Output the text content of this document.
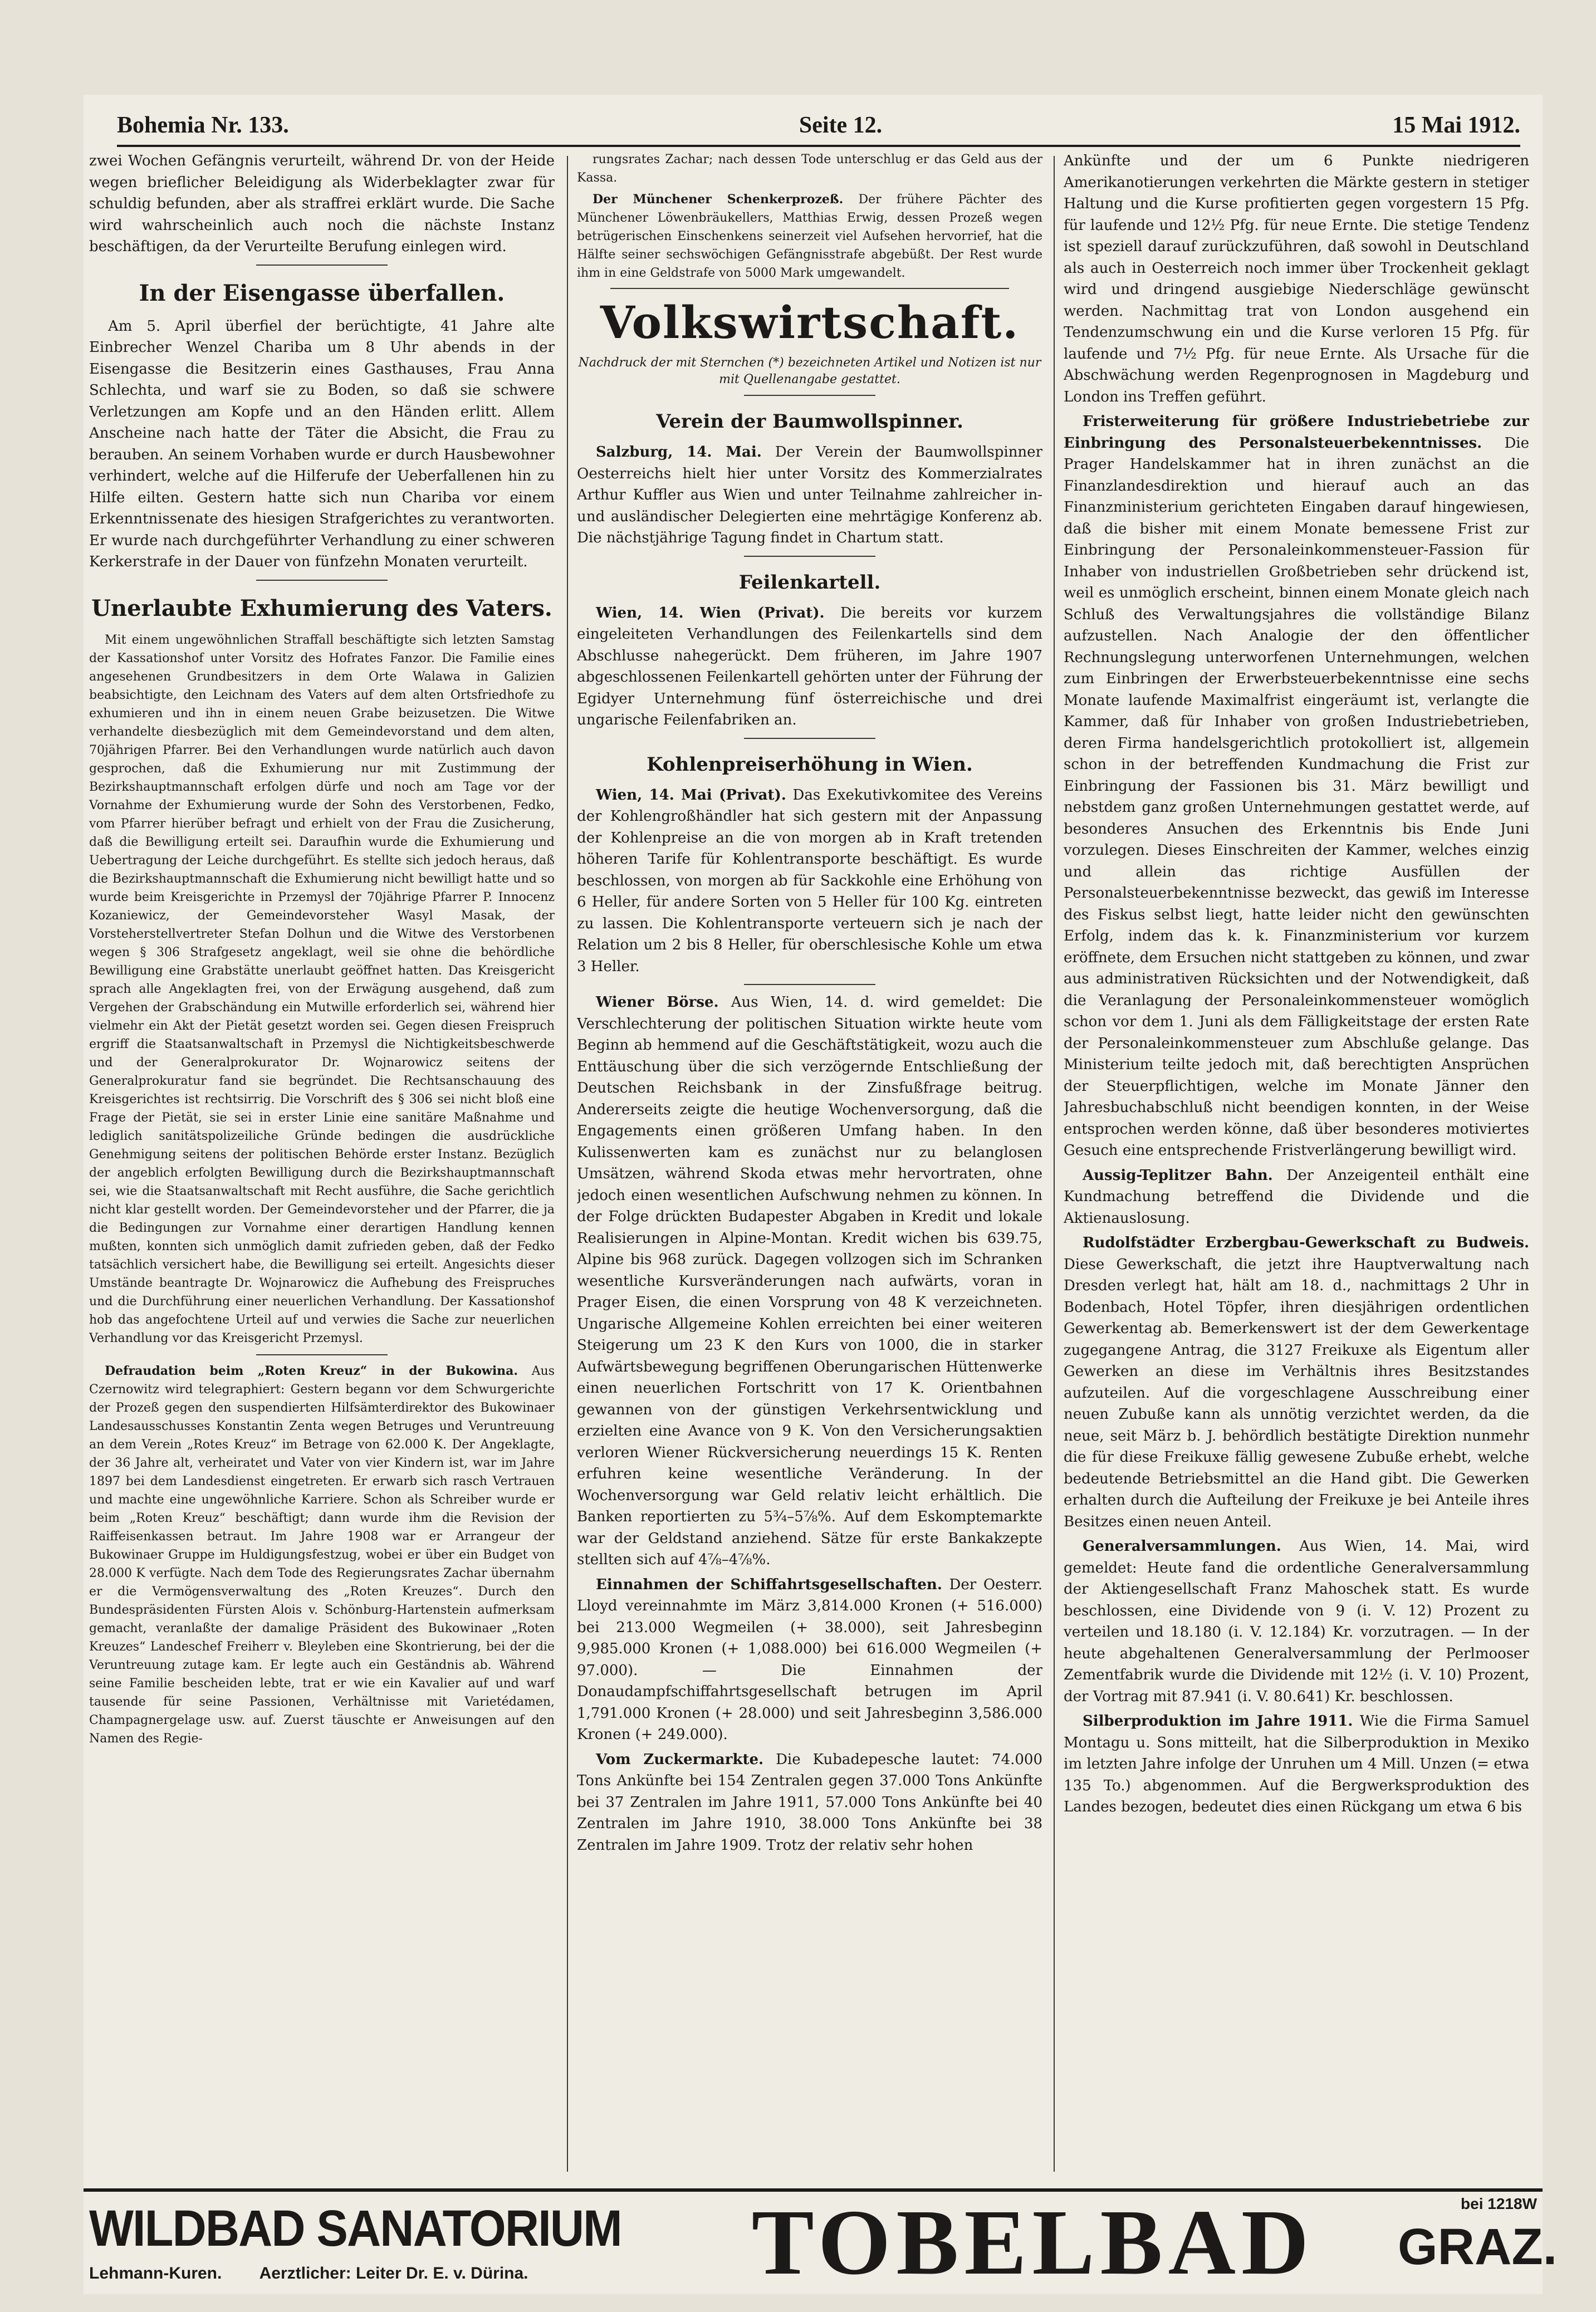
Bohemia Nr. 133.	Seite 12.	15 Mai 1912.

zwei Wochen Gefängnis verurteilt, während Dr. von der Heide wegen brieflicher Beleidigung als Widerbeklagter zwar für schuldig befunden, aber als straffrei erklärt wurde. Die Sache wird wahrscheinlich auch noch die nächste Instanz beschäftigen, da der Verurteilte Berufung einlegen wird.

In der Eisengasse überfallen.

Am 5. April überfiel der berüchtigte, 41 Jahre alte Einbrecher Wenzel Chariba um 8 Uhr abends in der Eisengasse die Besitzerin eines Gasthauses, Frau Anna Schlechta, und warf sie zu Boden, so daß sie schwere Verletzungen am Kopfe und an den Händen erlitt. Allem Anscheine nach hatte der Täter die Absicht, die Frau zu berauben. An seinem Vorhaben wurde er durch Hausbewohner verhindert, welche auf die Hilferufe der Ueberfallenen hin zu Hilfe eilten. Gestern hatte sich nun Chariba vor einem Erkenntnissenate des hiesigen Strafgerichtes zu verantworten. Er wurde nach durchgeführter Verhandlung zu einer schweren Kerkerstrafe in der Dauer von fünfzehn Monaten verurteilt.

Unerlaubte Exhumierung des Vaters.

Mit einem ungewöhnlichen Straffall beschäftigte sich letzten Samstag der Kassationshof unter Vorsitz des Hofrates Fanzor. Die Familie eines angesehenen Grundbesitzers in dem Orte Walawa in Galizien beabsichtigte, den Leichnam des Vaters auf dem alten Ortsfriedhofe zu exhumieren und ihn in einem neuen Grabe beizusetzen. Die Witwe verhandelte diesbezüglich mit dem Gemeindevorstand und dem alten, 70jährigen Pfarrer. Bei den Verhandlungen wurde natürlich auch davon gesprochen, daß die Exhumierung nur mit Zustimmung der Bezirkshauptmannschaft erfolgen dürfe und noch am Tage vor der Vornahme der Exhumierung wurde der Sohn des Verstorbenen, Fedko, vom Pfarrer hierüber befragt und erhielt von der Frau die Zusicherung, daß die Bewilligung erteilt sei. Daraufhin wurde die Exhumierung und Uebertragung der Leiche durchgeführt. Es stellte sich jedoch heraus, daß die Bezirkshauptmannschaft die Exhumierung nicht bewilligt hatte und so wurde beim Kreisgerichte in Przemysl der 70jährige Pfarrer P. Innocenz Kozaniewicz, der Gemeindevorsteher Wasyl Masak, der Vorsteherstellvertreter Stefan Dolhun und die Witwe des Verstorbenen wegen § 306 Strafgesetz angeklagt, weil sie ohne die behördliche Bewilligung eine Grabstätte unerlaubt geöffnet hatten. Das Kreisgericht sprach alle Angeklagten frei, von der Erwägung ausgehend, daß zum Vergehen der Grabschändung ein Mutwille erforderlich sei, während hier vielmehr ein Akt der Pietät gesetzt worden sei. Gegen diesen Freispruch ergriff die Staatsanwaltschaft in Przemysl die Nichtigkeitsbeschwerde und der Generalprokurator Dr. Wojnarowicz seitens der Generalprokuratur fand sie begründet. Die Rechtsanschauung des Kreisgerichtes ist rechtsirrig. Die Vorschrift des § 306 sei nicht bloß eine Frage der Pietät, sie sei in erster Linie eine sanitäre Maßnahme und lediglich sanitätspolizeiliche Gründe bedingen die ausdrückliche Genehmigung seitens der politischen Behörde erster Instanz. Bezüglich der angeblich erfolgten Bewilligung durch die Bezirkshauptmannschaft sei, wie die Staatsanwaltschaft mit Recht ausführe, die Sache gerichtlich nicht klar gestellt worden. Der Gemeindevorsteher und der Pfarrer, die ja die Bedingungen zur Vornahme einer derartigen Handlung kennen mußten, konnten sich unmöglich damit zufrieden geben, daß der Fedko tatsächlich versichert habe, die Bewilligung sei erteilt. Angesichts dieser Umstände beantragte Dr. Wojnarowicz die Aufhebung des Freispruches und die Durchführung einer neuerlichen Verhandlung. Der Kassationshof hob das angefochtene Urteil auf und verwies die Sache zur neuerlichen Verhandlung vor das Kreisgericht Przemysl.

Defraudation beim „Roten Kreuz“ in der Bukowina. Aus Czernowitz wird telegraphiert: Gestern begann vor dem Schwurgerichte der Prozeß gegen den suspendierten Hilfsämterdirektor des Bukowinaer Landesausschusses Konstantin Zenta wegen Betruges und Veruntreuung an dem Verein „Rotes Kreuz“ im Betrage von 62.000 K. Der Angeklagte, der 36 Jahre alt, verheiratet und Vater von vier Kindern ist, war im Jahre 1897 bei dem Landesdienst eingetreten. Er erwarb sich rasch Vertrauen und machte eine ungewöhnliche Karriere. Schon als Schreiber wurde er beim „Roten Kreuz“ beschäftigt; dann wurde ihm die Revision der Raiffeisenkassen betraut. Im Jahre 1908 war er Arrangeur der Bukowinaer Gruppe im Huldigungsfestzug, wobei er über ein Budget von 28.000 K verfügte. Nach dem Tode des Regierungsrates Zachar übernahm er die Vermögensverwaltung des „Roten Kreuzes“. Durch den Bundespräsidenten Fürsten Alois v. Schönburg-Hartenstein aufmerksam gemacht, veranlaßte der damalige Präsident des Bukowinaer „Roten Kreuzes“ Landeschef Freiherr v. Bleyleben eine Skontrierung, bei der die Veruntreuung zutage kam. Er legte auch ein Geständnis ab. Während seine Familie bescheiden lebte, trat er wie ein Kavalier auf und warf tausende für seine Passionen, Verhältnisse mit Varietédamen, Champagnergelage usw. auf. Zuerst täuschte er Anweisungen auf den Namen des Regie-

rungsrates Zachar; nach dessen Tode unterschlug er das Geld aus der Kassa.

Der Münchener Schenkerprozeß. Der frühere Pächter des Münchener Löwenbräukellers, Matthias Erwig, dessen Prozeß wegen betrügerischen Einschenkens seinerzeit viel Aufsehen hervorrief, hat die Hälfte seiner sechswöchigen Gefängnisstrafe abgebüßt. Der Rest wurde ihm in eine Geldstrafe von 5000 Mark umgewandelt.

Volkswirtschaft.
Nachdruck der mit Sternchen (*) bezeichneten Artikel und Notizen ist nur mit Quellenangabe gestattet.
Verein der Baumwollspinner.

Salzburg, 14. Mai. Der Verein der Baumwollspinner Oesterreichs hielt hier unter Vorsitz des Kommerzialrates Arthur Kuffler aus Wien und unter Teilnahme zahlreicher in- und ausländischer Delegierten eine mehrtägige Konferenz ab. Die nächstjährige Tagung findet in Chartum statt.

Feilenkartell.

Wien, 14. Wien (Privat). Die bereits vor kurzem eingeleiteten Verhandlungen des Feilenkartells sind dem Abschlusse nahegerückt. Dem früheren, im Jahre 1907 abgeschlossenen Feilenkartell gehörten unter der Führung der Egidyer Unternehmung fünf österreichische und drei ungarische Feilenfabriken an.

Kohlenpreiserhöhung in Wien.

Wien, 14. Mai (Privat). Das Exekutivkomitee des Vereins der Kohlengroßhändler hat sich gestern mit der Anpassung der Kohlenpreise an die von morgen ab in Kraft tretenden höheren Tarife für Kohlentransporte beschäftigt. Es wurde beschlossen, von morgen ab für Sackkohle eine Erhöhung von 6 Heller, für andere Sorten von 5 Heller für 100 Kg. eintreten zu lassen. Die Kohlentransporte verteuern sich je nach der Relation um 2 bis 8 Heller, für oberschlesische Kohle um etwa 3 Heller.

Wiener Börse. Aus Wien, 14. d. wird gemeldet: Die Verschlechterung der politischen Situation wirkte heute vom Beginn ab hemmend auf die Geschäftstätigkeit, wozu auch die Enttäuschung über die sich verzögernde Entschließung der Deutschen Reichsbank in der Zinsfußfrage beitrug. Andererseits zeigte die heutige Wochenversorgung, daß die Engagements einen größeren Umfang haben. In den Kulissenwerten kam es zunächst nur zu belanglosen Umsätzen, während Skoda etwas mehr hervortraten, ohne jedoch einen wesentlichen Aufschwung nehmen zu können. In der Folge drückten Budapester Abgaben in Kredit und lokale Realisierungen in Alpine-Montan. Kredit wichen bis 639.75, Alpine bis 968 zurück. Dagegen vollzogen sich im Schranken wesentliche Kursveränderungen nach aufwärts, voran in Prager Eisen, die einen Vorsprung von 48 K verzeichneten. Ungarische Allgemeine Kohlen erreichten bei einer weiteren Steigerung um 23 K den Kurs von 1000, die in starker Aufwärtsbewegung begriffenen Oberungarischen Hüttenwerke einen neuerlichen Fortschritt von 17 K. Orientbahnen gewannen von der günstigen Verkehrsentwicklung und erzielten eine Avance von 9 K. Von den Versicherungsaktien verloren Wiener Rückversicherung neuerdings 15 K. Renten erfuhren keine wesentliche Veränderung. In der Wochenversorgung war Geld relativ leicht erhältlich. Die Banken reportierten zu 5¾–5⅞%. Auf dem Eskomptemarkte war der Geldstand anziehend. Sätze für erste Bankakzepte stellten sich auf 4⅞–4⅞%.

Einnahmen der Schiffahrtsgesellschaften. Der Oesterr. Lloyd vereinnahmte im März 3,814.000 Kronen (+ 516.000) bei 213.000 Wegmeilen (+ 38.000), seit Jahresbeginn 9,985.000 Kronen (+ 1,088.000) bei 616.000 Wegmeilen (+ 97.000). — Die Einnahmen der Donaudampfschiffahrtsgesellschaft betrugen im April 1,791.000 Kronen (+ 28.000) und seit Jahresbeginn 3,586.000 Kronen (+ 249.000).

Vom Zuckermarkte. Die Kubadepesche lautet: 74.000 Tons Ankünfte bei 154 Zentralen gegen 37.000 Tons Ankünfte bei 37 Zentralen im Jahre 1911, 57.000 Tons Ankünfte bei 40 Zentralen im Jahre 1910, 38.000 Tons Ankünfte bei 38 Zentralen im Jahre 1909. Trotz der relativ sehr hohen

Ankünfte und der um 6 Punkte niedrigeren Amerikanotierungen verkehrten die Märkte gestern in stetiger Haltung und die Kurse profitierten gegen vorgestern 15 Pfg. für laufende und 12½ Pfg. für neue Ernte. Die stetige Tendenz ist speziell darauf zurückzuführen, daß sowohl in Deutschland als auch in Oesterreich noch immer über Trockenheit geklagt wird und dringend ausgiebige Niederschläge gewünscht werden. Nachmittag trat von London ausgehend ein Tendenzumschwung ein und die Kurse verloren 15 Pfg. für laufende und 7½ Pfg. für neue Ernte. Als Ursache für die Abschwächung werden Regenprognosen in Magdeburg und London ins Treffen geführt.

Fristerweiterung für größere Industriebetriebe zur Einbringung des Personalsteuerbekenntnisses. Die Prager Handelskammer hat in ihren zunächst an die Finanzlandesdirektion und hierauf auch an das Finanzministerium gerichteten Eingaben darauf hingewiesen, daß die bisher mit einem Monate bemessene Frist zur Einbringung der Personaleinkommensteuer-Fassion für Inhaber von industriellen Großbetrieben sehr drückend ist, weil es unmöglich erscheint, binnen einem Monate gleich nach Schluß des Verwaltungsjahres die vollständige Bilanz aufzustellen. Nach Analogie der den öffentlicher Rechnungslegung unterworfenen Unternehmungen, welchen zum Einbringen der Erwerbsteuerbekenntnisse eine sechs Monate laufende Maximalfrist eingeräumt ist, verlangte die Kammer, daß für Inhaber von großen Industriebetrieben, deren Firma handelsgerichtlich protokolliert ist, allgemein schon in der betreffenden Kundmachung die Frist zur Einbringung der Fassionen bis 31. März bewilligt und nebstdem ganz großen Unternehmungen gestattet werde, auf besonderes Ansuchen des Erkenntnis bis Ende Juni vorzulegen. Dieses Einschreiten der Kammer, welches einzig und allein das richtige Ausfüllen der Personalsteuerbekenntnisse bezweckt, das gewiß im Interesse des Fiskus selbst liegt, hatte leider nicht den gewünschten Erfolg, indem das k. k. Finanzministerium vor kurzem eröffnete, dem Ersuchen nicht stattgeben zu können, und zwar aus administrativen Rücksichten und der Notwendigkeit, daß die Veranlagung der Personaleinkommensteuer womöglich schon vor dem 1. Juni als dem Fälligkeitstage der ersten Rate der Personaleinkommensteuer zum Abschluße gelange. Das Ministerium teilte jedoch mit, daß berechtigten Ansprüchen der Steuerpflichtigen, welche im Monate Jänner den Jahresbuchabschluß nicht beendigen konnten, in der Weise entsprochen werden könne, daß über besonderes motiviertes Gesuch eine entsprechende Fristverlängerung bewilligt wird.

Aussig-Teplitzer Bahn. Der Anzeigenteil enthält eine Kundmachung betreffend die Dividende und die Aktienauslosung.

Rudolfstädter Erzbergbau-Gewerkschaft zu Budweis. Diese Gewerkschaft, die jetzt ihre Hauptverwaltung nach Dresden verlegt hat, hält am 18. d., nachmittags 2 Uhr in Bodenbach, Hotel Töpfer, ihren diesjährigen ordentlichen Gewerkentag ab. Bemerkenswert ist der dem Gewerkentage zugegangene Antrag, die 3127 Freikuxe als Eigentum aller Gewerken an diese im Verhältnis ihres Besitzstandes aufzuteilen. Auf die vorgeschlagene Ausschreibung einer neuen Zubuße kann als unnötig verzichtet werden, da die neue, seit März b. J. behördlich bestätigte Direktion nunmehr die für diese Freikuxe fällig gewesene Zubuße erhebt, welche bedeutende Betriebsmittel an die Hand gibt. Die Gewerken erhalten durch die Aufteilung der Freikuxe je bei Anteile ihres Besitzes einen neuen Anteil.

Generalversammlungen. Aus Wien, 14. Mai, wird gemeldet: Heute fand die ordentliche Generalversammlung der Aktiengesellschaft Franz Mahoschek statt. Es wurde beschlossen, eine Dividende von 9 (i. V. 12) Prozent zu verteilen und 18.180 (i. V. 12.184) Kr. vorzutragen. — In der heute abgehaltenen Generalversammlung der Perlmooser Zementfabrik wurde die Dividende mit 12½ (i. V. 10) Prozent, der Vortrag mit 87.941 (i. V. 80.641) Kr. beschlossen.

Silberproduktion im Jahre 1911. Wie die Firma Samuel Montagu u. Sons mitteilt, hat die Silberproduktion in Mexiko im letzten Jahre infolge der Unruhen um 4 Mill. Unzen (= etwa 135 To.) abgenommen. Auf die Bergwerksproduktion des Landes bezogen, bedeutet dies einen Rückgang um etwa 6 bis

WILDBAD SANATORIUM
Lehmann-Kuren. Aerztlicher: Leiter Dr. E. v. Dürina.	TOBELBAD	bei 1218W
GRAZ.
